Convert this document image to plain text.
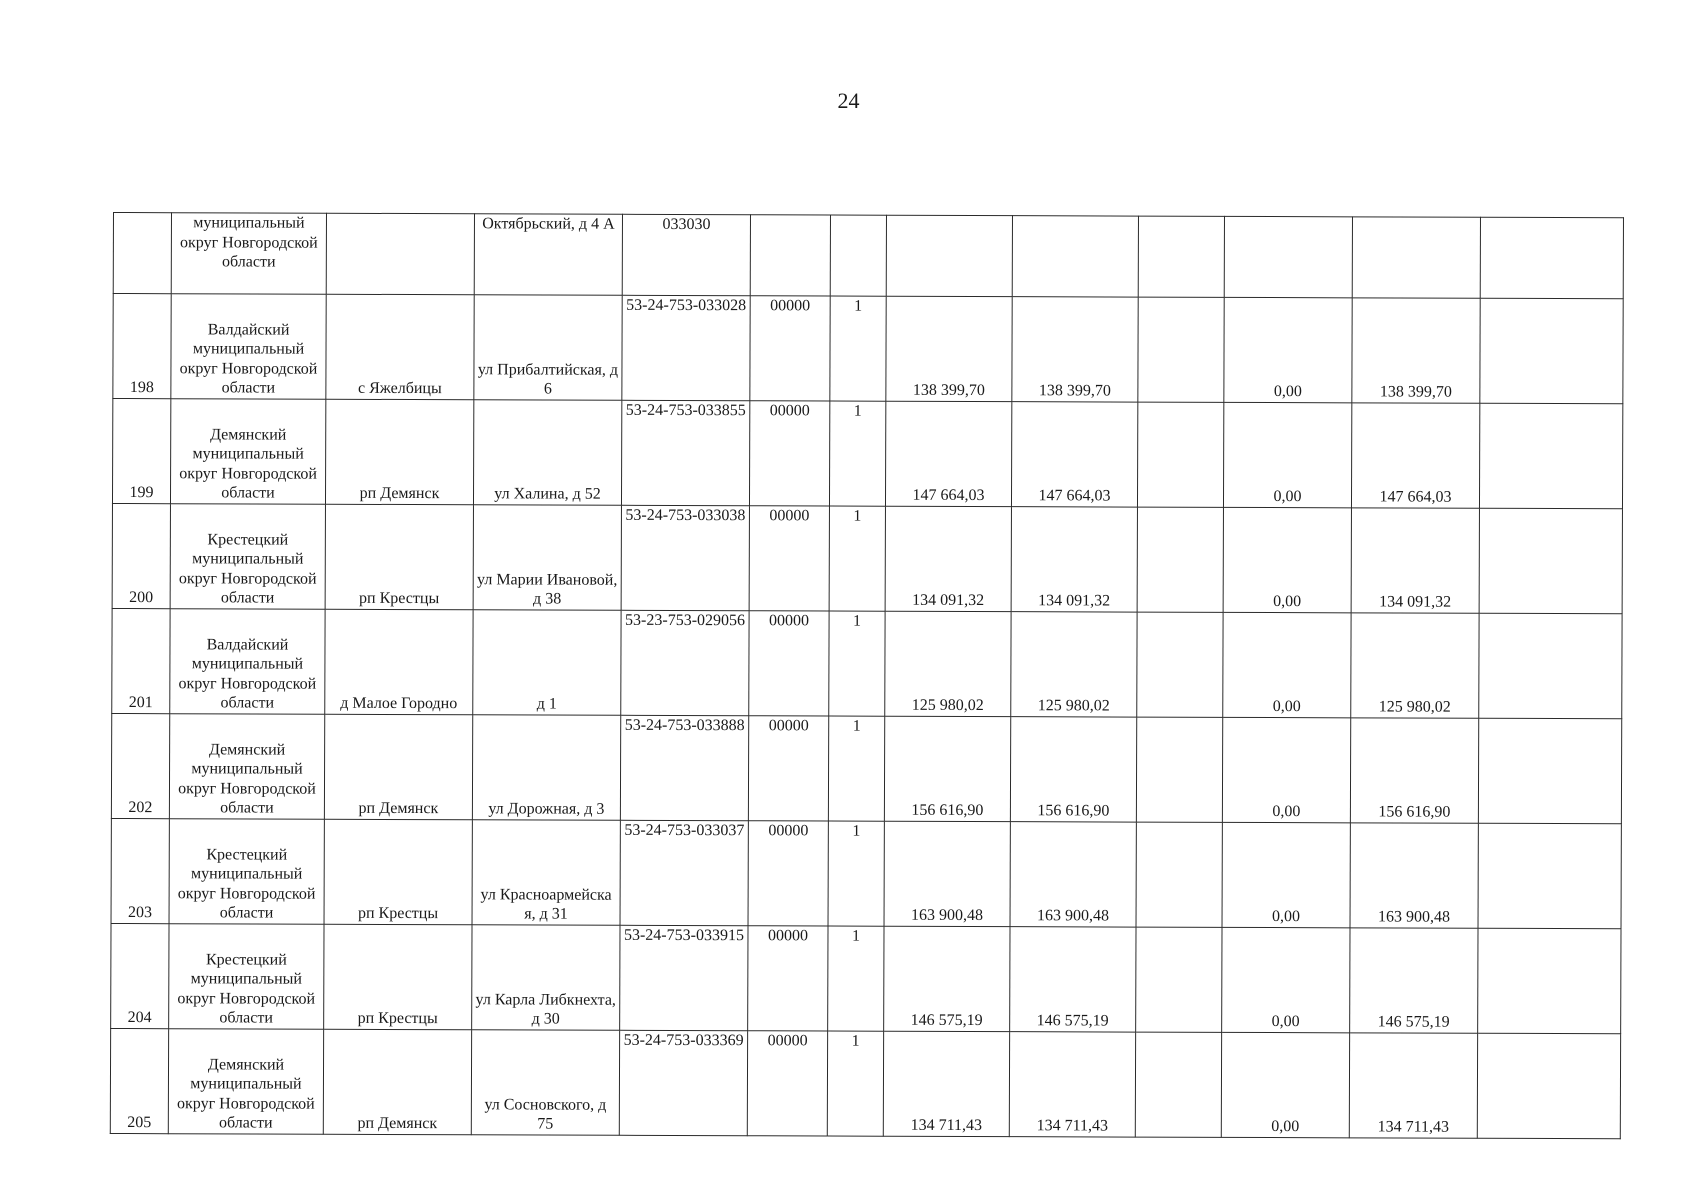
24
	муниципальный округ Новгородской области		Октябрьский, д 4 А	033030								
198	Валдайский муниципальный округ Новгородской области	с Яжелбицы	ул Прибалтийская, д 6	53-24-753-033028	00000	1	138 399,70	138 399,70		0,00	138 399,70	
199	Демянский муниципальный округ Новгородской области	рп Демянск	ул Халина, д 52	53-24-753-033855	00000	1	147 664,03	147 664,03		0,00	147 664,03	
200	Крестецкий муниципальный округ Новгородской области	рп Крестцы	ул Марии Ивановой, д 38	53-24-753-033038	00000	1	134 091,32	134 091,32		0,00	134 091,32	
201	Валдайский муниципальный округ Новгородской области	д Малое Городно	д 1	53-23-753-029056	00000	1	125 980,02	125 980,02		0,00	125 980,02	
202	Демянский муниципальный округ Новгородской области	рп Демянск	ул Дорожная, д 3	53-24-753-033888	00000	1	156 616,90	156 616,90		0,00	156 616,90	
203	Крестецкий муниципальный округ Новгородской области	рп Крестцы	ул Красноармейска я, д 31	53-24-753-033037	00000	1	163 900,48	163 900,48		0,00	163 900,48	
204	Крестецкий муниципальный округ Новгородской области	рп Крестцы	ул Карла Либкнехта, д 30	53-24-753-033915	00000	1	146 575,19	146 575,19		0,00	146 575,19	
205	Демянский муниципальный округ Новгородской области	рп Демянск	ул Сосновского, д 75	53-24-753-033369	00000	1	134 711,43	134 711,43		0,00	134 711,43	
